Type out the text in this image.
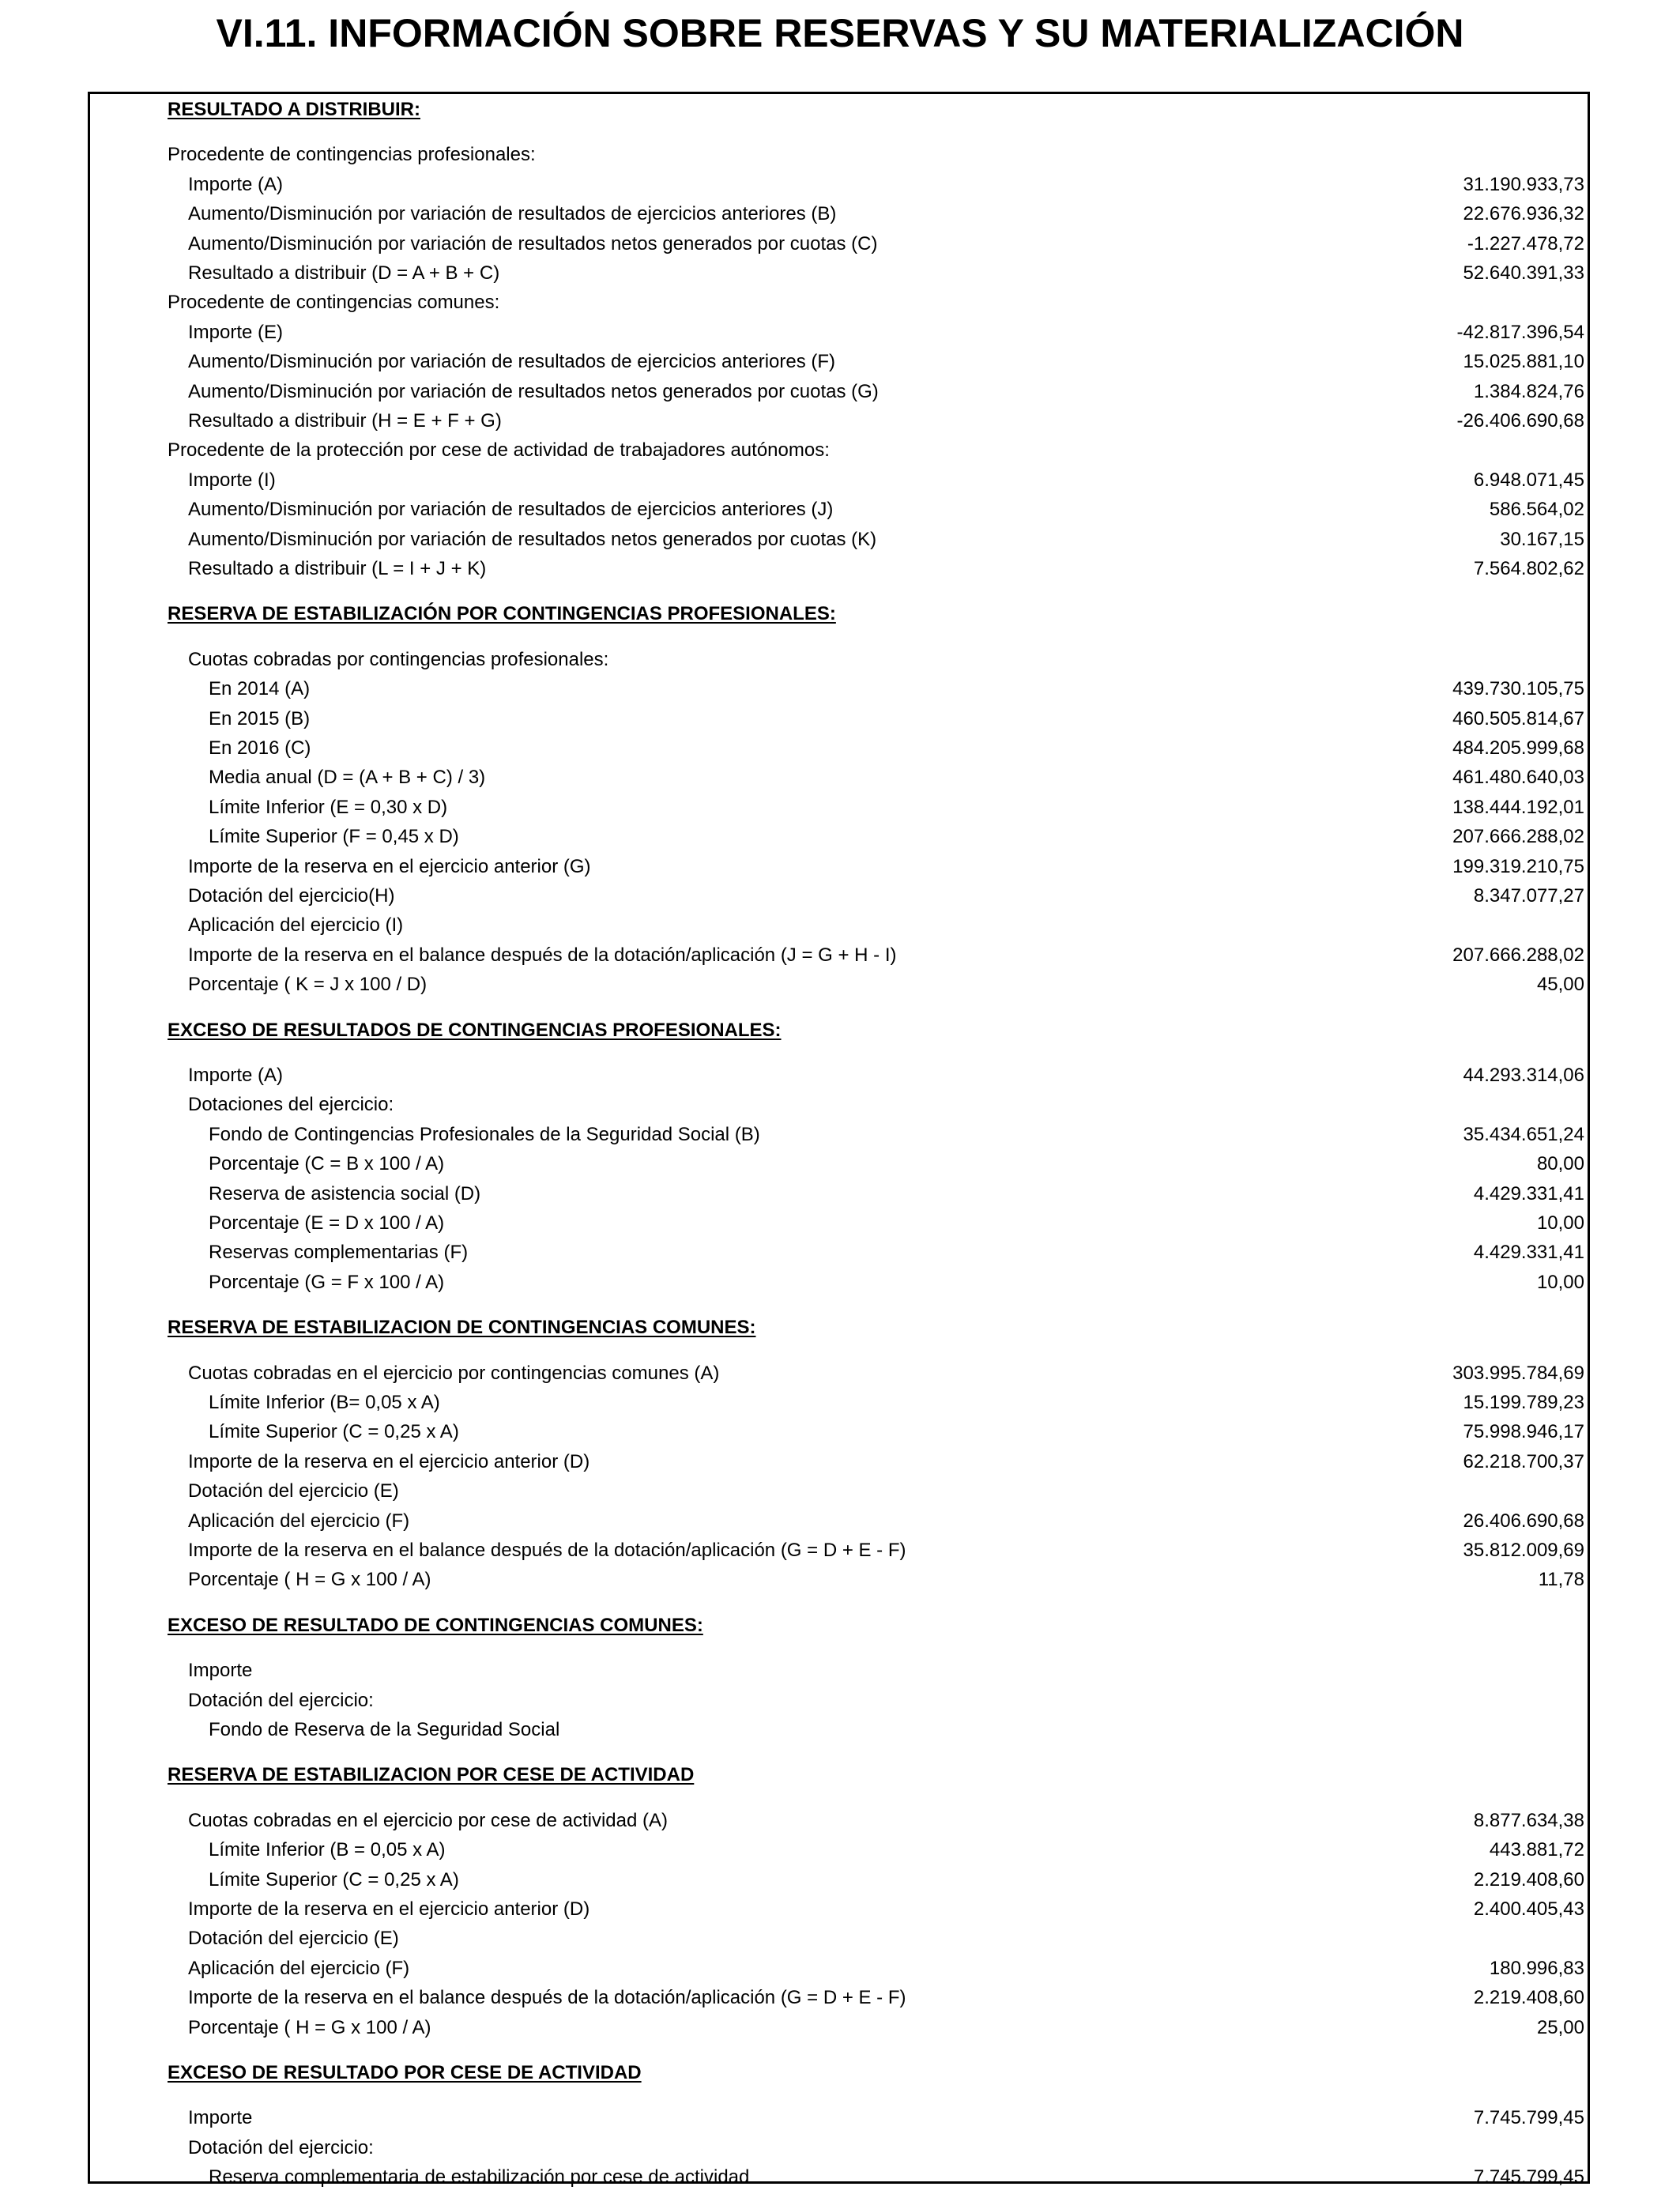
VI.11. INFORMACIÓN SOBRE RESERVAS Y SU MATERIALIZACIÓN
RESULTADO A DISTRIBUIR:
Procedente de contingencias profesionales:
Importe (A)	31.190.933,73
Aumento/Disminución por variación de resultados de ejercicios anteriores (B)	22.676.936,32
Aumento/Disminución por variación de resultados netos generados por cuotas (C)	-1.227.478,72
Resultado a distribuir (D = A + B + C)	52.640.391,33
Procedente de contingencias comunes:
Importe (E)	-42.817.396,54
Aumento/Disminución por variación de resultados de ejercicios anteriores (F)	15.025.881,10
Aumento/Disminución por variación de resultados netos generados por cuotas (G)	1.384.824,76
Resultado a distribuir (H = E + F + G)	-26.406.690,68
Procedente de la protección por cese de actividad de trabajadores autónomos:
Importe (I)	6.948.071,45
Aumento/Disminución por variación de resultados de ejercicios anteriores (J)	586.564,02
Aumento/Disminución por variación de resultados netos generados por cuotas (K)	30.167,15
Resultado a distribuir (L = I + J + K)	7.564.802,62
RESERVA DE ESTABILIZACIÓN POR CONTINGENCIAS PROFESIONALES:
Cuotas cobradas por contingencias profesionales:
En 2014 (A)	439.730.105,75
En 2015 (B)	460.505.814,67
En 2016 (C)	484.205.999,68
Media anual (D = (A + B + C) / 3)	461.480.640,03
Límite Inferior (E = 0,30 x D)	138.444.192,01
Límite Superior (F = 0,45 x D)	207.666.288,02
Importe de la reserva en el ejercicio anterior (G)	199.319.210,75
Dotación del ejercicio(H)	8.347.077,27
Aplicación del ejercicio (I)
Importe de la reserva en el balance después de la dotación/aplicación (J = G + H - I)	207.666.288,02
Porcentaje ( K = J x 100 / D)	45,00
EXCESO DE RESULTADOS DE CONTINGENCIAS PROFESIONALES:
Importe (A)	44.293.314,06
Dotaciones del ejercicio:
Fondo de Contingencias Profesionales de la Seguridad Social (B)	35.434.651,24
Porcentaje (C = B x 100 / A)	80,00
Reserva de asistencia social (D)	4.429.331,41
Porcentaje (E = D x 100 / A)	10,00
Reservas complementarias (F)	4.429.331,41
Porcentaje (G = F x 100 / A)	10,00
RESERVA DE ESTABILIZACION DE CONTINGENCIAS COMUNES:
Cuotas cobradas en el ejercicio por contingencias comunes (A)	303.995.784,69
Límite Inferior (B= 0,05 x A)	15.199.789,23
Límite Superior (C = 0,25 x A)	75.998.946,17
Importe de la reserva en el ejercicio anterior (D)	62.218.700,37
Dotación del ejercicio (E)
Aplicación del ejercicio (F)	26.406.690,68
Importe de la reserva en el balance después de la dotación/aplicación (G = D + E - F)	35.812.009,69
Porcentaje ( H = G x 100 / A)	11,78
EXCESO DE RESULTADO DE CONTINGENCIAS COMUNES:
Importe
Dotación del ejercicio:
Fondo de Reserva de la Seguridad Social
RESERVA DE ESTABILIZACION POR CESE DE ACTIVIDAD
Cuotas cobradas en el ejercicio por cese de actividad (A)	8.877.634,38
Límite Inferior (B = 0,05 x A)	443.881,72
Límite Superior (C = 0,25 x A)	2.219.408,60
Importe de la reserva en el ejercicio anterior (D)	2.400.405,43
Dotación del ejercicio (E)
Aplicación del ejercicio (F)	180.996,83
Importe de la reserva en el balance después de la dotación/aplicación (G = D + E - F)	2.219.408,60
Porcentaje ( H = G x 100 / A)	25,00
EXCESO DE RESULTADO POR CESE DE ACTIVIDAD
Importe	7.745.799,45
Dotación del ejercicio:
Reserva complementaria de estabilización por cese de actividad	7.745.799,45
